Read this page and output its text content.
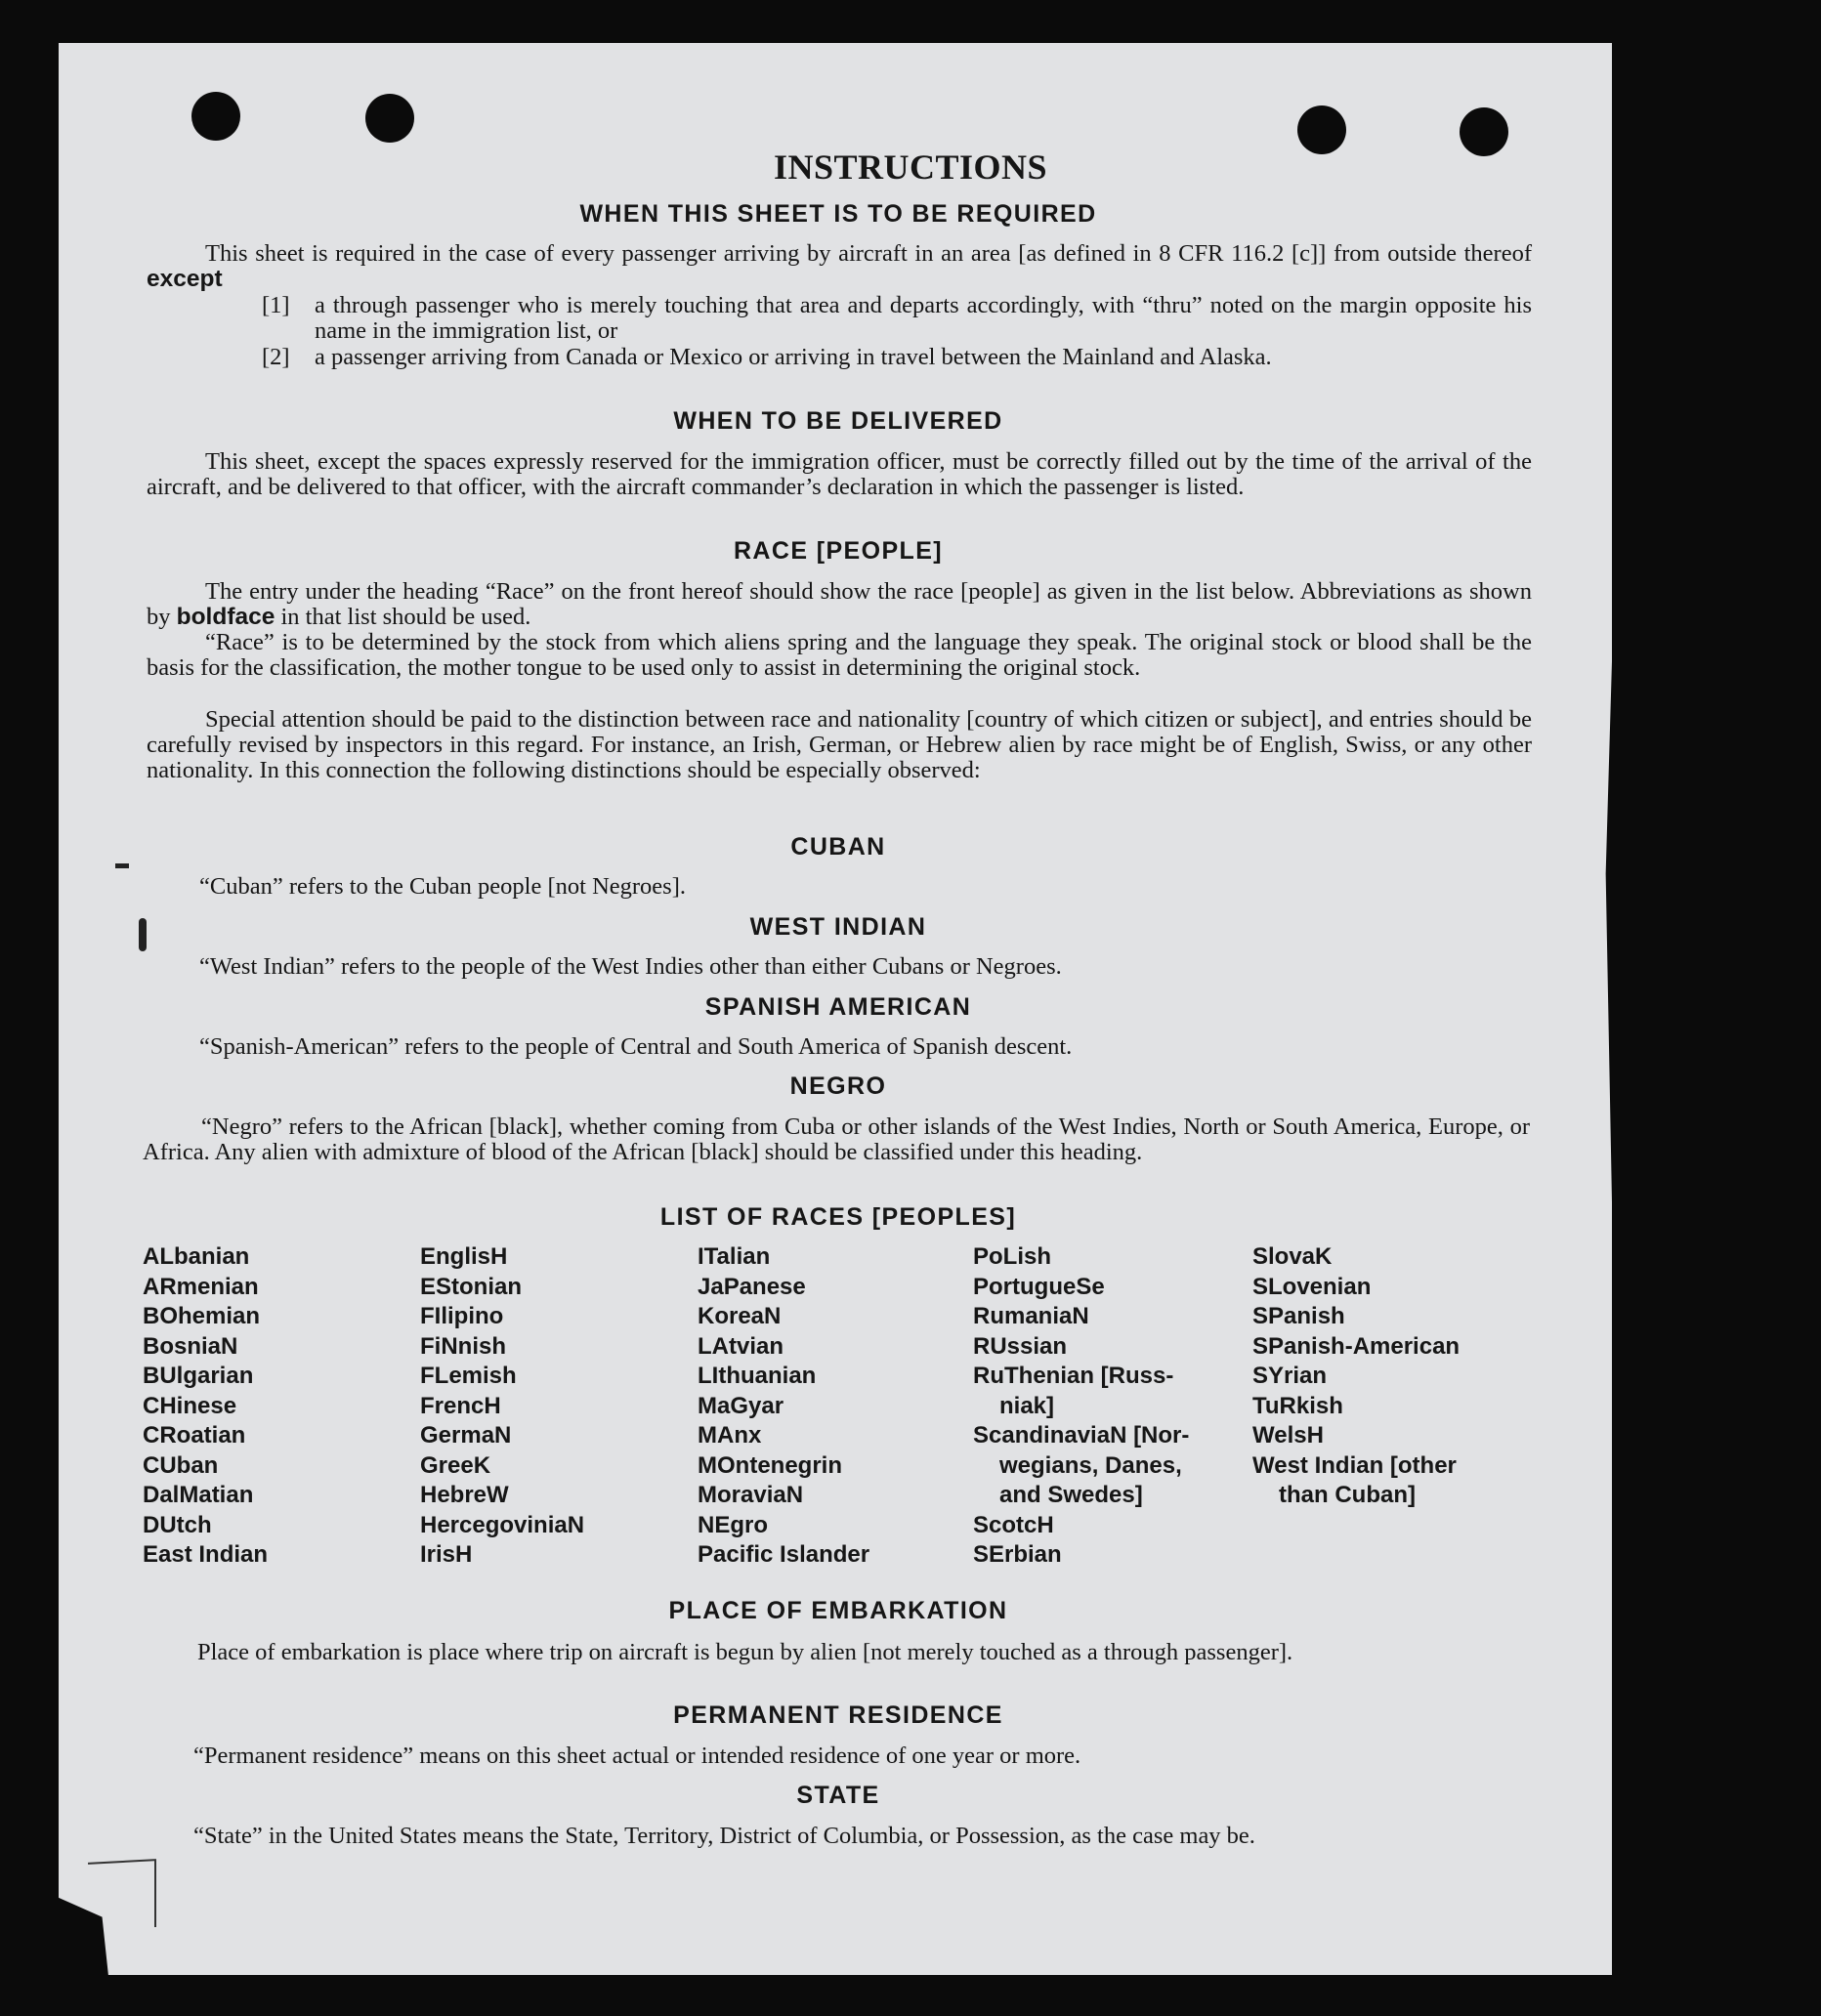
INSTRUCTIONS
WHEN THIS SHEET IS TO BE REQUIRED
This sheet is required in the case of every passenger arriving by aircraft in an area [as defined in 8 CFR 116.2 [c]] from outside thereof except
[1]	a through passenger who is merely touching that area and departs accordingly, with “thru” noted on the margin opposite his name in the immigration list, or
[2]	a passenger arriving from Canada or Mexico or arriving in travel between the Mainland and Alaska.
WHEN TO BE DELIVERED
This sheet, except the spaces expressly reserved for the immigration officer, must be correctly filled out by the time of the arrival of the aircraft, and be delivered to that officer, with the aircraft commander’s declaration in which the passenger is listed.
RACE [PEOPLE]
The entry under the heading “Race” on the front hereof should show the race [people] as given in the list below. Abbreviations as shown by boldface in that list should be used.
“Race” is to be determined by the stock from which aliens spring and the language they speak. The original stock or blood shall be the basis for the classification, the mother tongue to be used only to assist in determining the original stock.
Special attention should be paid to the distinction between race and nationality [country of which citizen or subject], and entries should be carefully revised by inspectors in this regard. For instance, an Irish, German, or Hebrew alien by race might be of English, Swiss, or any other nationality. In this connection the following distinctions should be especially observed:
CUBAN
“Cuban” refers to the Cuban people [not Negroes].
WEST INDIAN
“West Indian” refers to the people of the West Indies other than either Cubans or Negroes.
SPANISH AMERICAN
“Spanish-American” refers to the people of Central and South America of Spanish descent.
NEGRO
“Negro” refers to the African [black], whether coming from Cuba or other islands of the West Indies, North or South America, Europe, or Africa. Any alien with admixture of blood of the African [black] should be classified under this heading.
LIST OF RACES [PEOPLES]
ALbanian
ARmenian
BOhemian
BosniaN
BUlgarian
CHinese
CRoatian
CUban
DalMatian
DUtch
East Indian
EnglisH
EStonian
FIlipino
FiNnish
FLemish
FrencH
GermaN
GreeK
HebreW
HercegoviniaN
IrisH
ITalian
JaPanese
KoreaN
LAtvian
LIthuanian
MaGyar
MAnx
MOntenegrin
MoraviaN
NEgro
Pacific Islander
PoLish
PortugueSe
RumaniaN
RUssian
RuThenian [Russ-
niak]
ScandinaviaN [Nor-
wegians, Danes,
and Swedes]
ScotcH
SErbian
SlovaK
SLovenian
SPanish
SPanish-American
SYrian
TuRkish
WelsH
West Indian [other
than Cuban]
PLACE OF EMBARKATION
Place of embarkation is place where trip on aircraft is begun by alien [not merely touched as a through passenger].
PERMANENT RESIDENCE
“Permanent residence” means on this sheet actual or intended residence of one year or more.
STATE
“State” in the United States means the State, Territory, District of Columbia, or Possession, as the case may be.
